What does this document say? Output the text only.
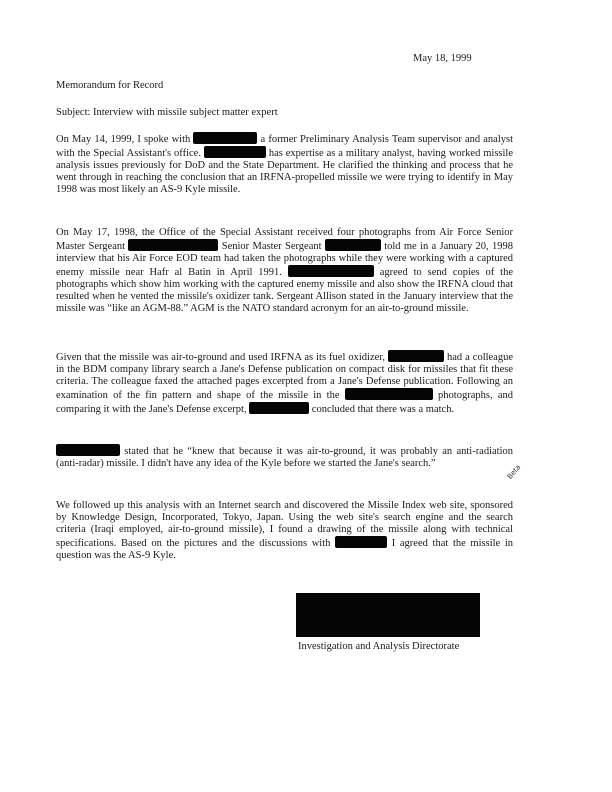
May 18, 1999
Memorandum for Record
Subject: Interview with missile subject matter expert
On May 14, 1999, I spoke with	a former Preliminary Analysis Team supervisor and analyst with the Special Assistant's office.	has expertise as a military analyst, having worked missile analysis issues previously for DoD and the State Department. He clarified the thinking and process that he went through in reaching the conclusion that an IRFNA-propelled missile we were trying to identify in May 1998 was most likely an AS-9 Kyle missile.
On May 17, 1998, the Office of the Special Assistant received four photographs from Air Force Senior Master Sergeant	Senior Master Sergeant	told me in a January 20, 1998 interview that his Air Force EOD team had taken the photographs while they were working with a captured enemy missile near Hafr al Batin in April 1991.	agreed to send copies of the photographs which show him working with the captured enemy missile and also show the IRFNA cloud that resulted when he vented the missile's oxidizer tank. Sergeant Allison stated in the January interview that the missile was “like an AGM-88.” AGM is the NATO standard acronym for an air-to-ground missile.
Given that the missile was air-to-ground and used IRFNA as its fuel oxidizer,	had a colleague in the BDM company library search a Jane's Defense publication on compact disk for missiles that fit these criteria. The colleague faxed the attached pages excerpted from a Jane's Defense publication. Following an examination of the fin pattern and shape of the missile in the	photographs, and comparing it with the Jane's Defense excerpt,	concluded that there was a match.
stated that he “knew that because it was air-to-ground, it was probably an anti-radiation (anti-radar) missile. I didn't have any idea of the Kyle before we started the Jane's search.”	Beta
We followed up this analysis with an Internet search and discovered the Missile Index web site, sponsored by Knowledge Design, Incorporated, Tokyo, Japan. Using the web site's search engine and the search criteria (Iraqi employed, air-to-ground missile), I found a drawing of the missile along with technical specifications. Based on the pictures and the discussions with	I agreed that the missile in question was the AS-9 Kyle.
Investigation and Analysis Directorate
